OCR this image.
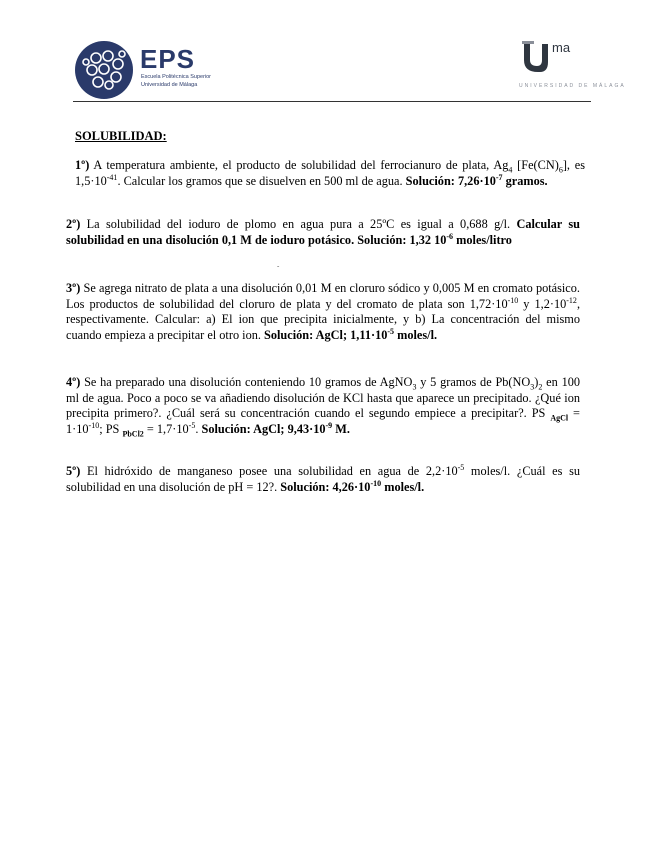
EPS
Escuela Politécnica Superior
Universidad de Málaga
ma
UNIVERSIDAD DE MÁLAGA
SOLUBILIDAD:
1º) A temperatura ambiente, el producto de solubilidad del ferrocianuro de plata, $Ag_4$ $[Fe(CN)_6]$, es $1,5\cdot 10^{-41}$. Calcular los gramos que se disuelven en 500 ml de agua. Solución: $7,26\cdot 10^{-7}$ gramos.
2º) La solubilidad del ioduro de plomo en agua pura a 25ºC es igual a 0,688 g/l. Calcular su solubilidad en una disolución 0,1 M de ioduro potásico. Solución: 1,32 $10^{-6}$ moles/litro
-
3º) Se agrega nitrato de plata a una disolución 0,01 M en cloruro sódico y 0,005 M en cromato potásico. Los productos de solubilidad del cloruro de plata y del cromato de plata son $1,72\cdot 10^{-10}$ y $1,2\cdot 10^{-12}$, respectivamente. Calcular: a) El ion que precipita inicialmente, y b) La concentración del mismo cuando empieza a precipitar el otro ion. Solución: AgCl; $1,11\cdot 10^{-5}$ moles/l.
4º) Se ha preparado una disolución conteniendo 10 gramos de AgNO$_3$ y 5 gramos de $Pb(NO_3)_2$ en 100 ml de agua. Poco a poco se va añadiendo disolución de KCl hasta que aparece un precipitado. ¿Qué ion precipita primero?. ¿Cuál será su concentración cuando el segundo empiece a precipitar?. PS $_{AgCl} = 1\cdot 10^{-10}$; PS $_{PbCl2} = 1,7\cdot 10^{-5}$. Solución: AgCl; $9,43\cdot 10^{-9}$ M.
5º) El hidróxido de manganeso posee una solubilidad en agua de $2,2\cdot 10^{-5}$ moles/l. ¿Cuál es su solubilidad en una disolución de pH = 12?. Solución: $4,26\cdot 10^{-10}$ moles/l.
